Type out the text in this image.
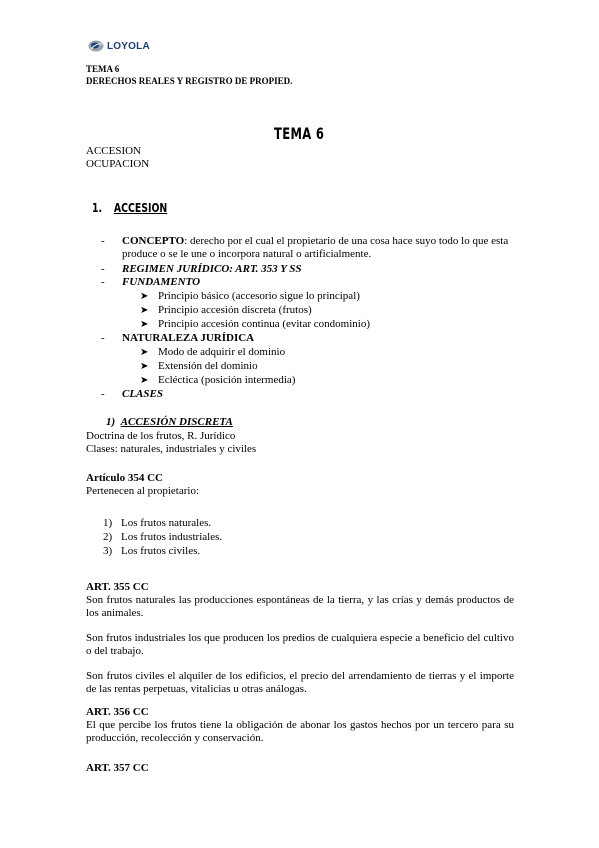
LOYOLA
TEMA 6
DERECHOS REALES Y REGISTRO DE PROPIED.
TEMA 6
ACCESION
OCUPACION
1. ACCESION
- CONCEPTO: derecho por el cual el propietario de una cosa hace suyo todo lo que esta produce o se le une o incorpora natural o artificialmente.
- REGIMEN JURÍDICO: ART. 353 Y SS
- FUNDAMENTO
➤ Principio básico (accesorio sigue lo principal)
➤ Principio accesión discreta (frutos)
➤ Principio accesión continua (evitar condominio)
- NATURALEZA JURÍDICA
➤ Modo de adquirir el dominio
➤ Extensión del dominio
➤ Ecléctica (posición intermedia)
- CLASES
1) ACCESIÓN DISCRETA
Doctrina de los frutos, R. Jurídico
Clases: naturales, industriales y civiles
Artículo 354 CC
Pertenecen al propietario:
1) Los frutos naturales.
2) Los frutos industriales.
3) Los frutos civiles.
ART. 355 CC
Son frutos naturales las producciones espontáneas de la tierra, y las crías y demás productos de los animales.
Son frutos industriales los que producen los predios de cualquiera especie a beneficio del cultivo o del trabajo.
Son frutos civiles el alquiler de los edificios, el precio del arrendamiento de tierras y el importe de las rentas perpetuas, vitalicias u otras análogas.
ART. 356 CC
El que percibe los frutos tiene la obligación de abonar los gastos hechos por un tercero para su producción, recolección y conservación.
ART. 357 CC
